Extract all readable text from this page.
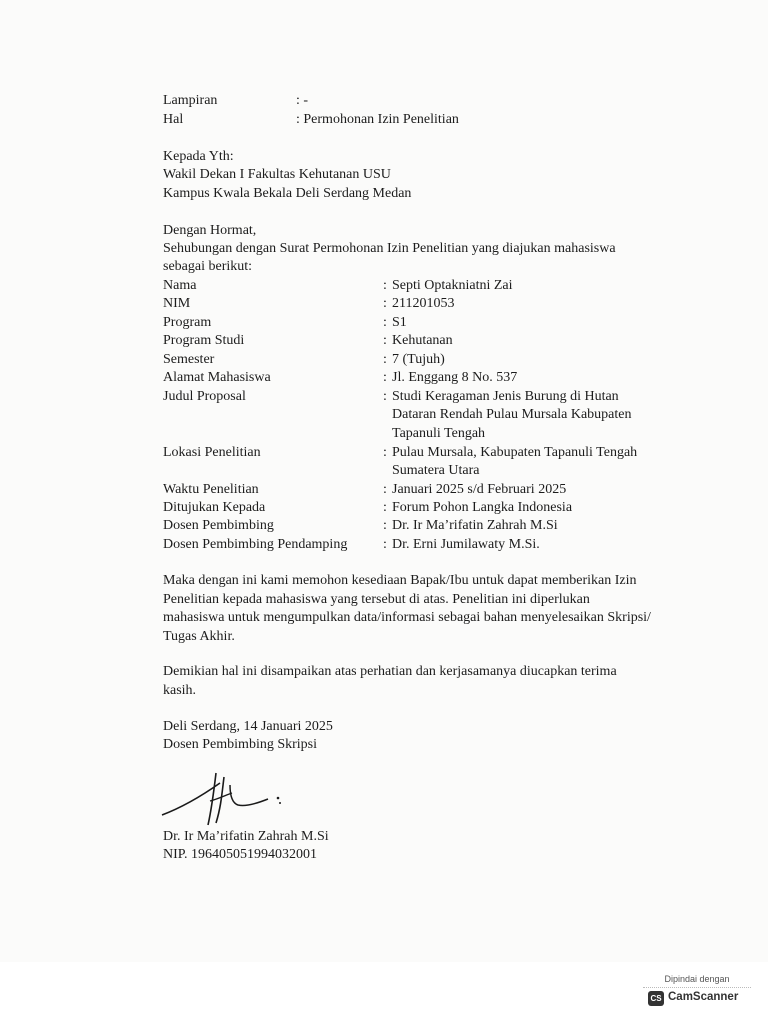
Lampiran	: -
Hal	: Permohonan Izin Penelitian
Kepada Yth:
Wakil Dekan I Fakultas Kehutanan USU
Kampus Kwala Bekala Deli Serdang Medan
Dengan Hormat,
Sehubungan dengan Surat Permohonan Izin Penelitian yang diajukan mahasiswa
sebagai berikut:
Nama	: Septi Optakniatni Zai
NIM	: 211201053
Program	: S1
Program Studi	: Kehutanan
Semester	: 7 (Tujuh)
Alamat Mahasiswa	: Jl. Enggang 8 No. 537
Judul Proposal	: Studi Keragaman Jenis Burung di Hutan Dataran Rendah Pulau Mursala Kabupaten Tapanuli Tengah
Lokasi Penelitian	: Pulau Mursala, Kabupaten Tapanuli Tengah Sumatera Utara
Waktu Penelitian	: Januari 2025 s/d Februari 2025
Ditujukan Kepada	: Forum Pohon Langka Indonesia
Dosen Pembimbing	: Dr. Ir Ma’rifatin Zahrah M.Si
Dosen Pembimbing Pendamping	: Dr. Erni Jumilawaty M.Si.
Maka dengan ini kami memohon kesediaan Bapak/Ibu untuk dapat memberikan Izin Penelitian kepada mahasiswa yang tersebut di atas. Penelitian ini diperlukan mahasiswa untuk mengumpulkan data/informasi sebagai bahan menyelesaikan Skripsi/ Tugas Akhir.
Demikian hal ini disampaikan atas perhatian dan kerjasamanya diucapkan terima kasih.
Deli Serdang, 14 Januari 2025
Dosen Pembimbing Skripsi
Dr. Ir Ma’rifatin Zahrah M.Si
NIP. 196405051994032001
Dipindai dengan
CS CamScanner
